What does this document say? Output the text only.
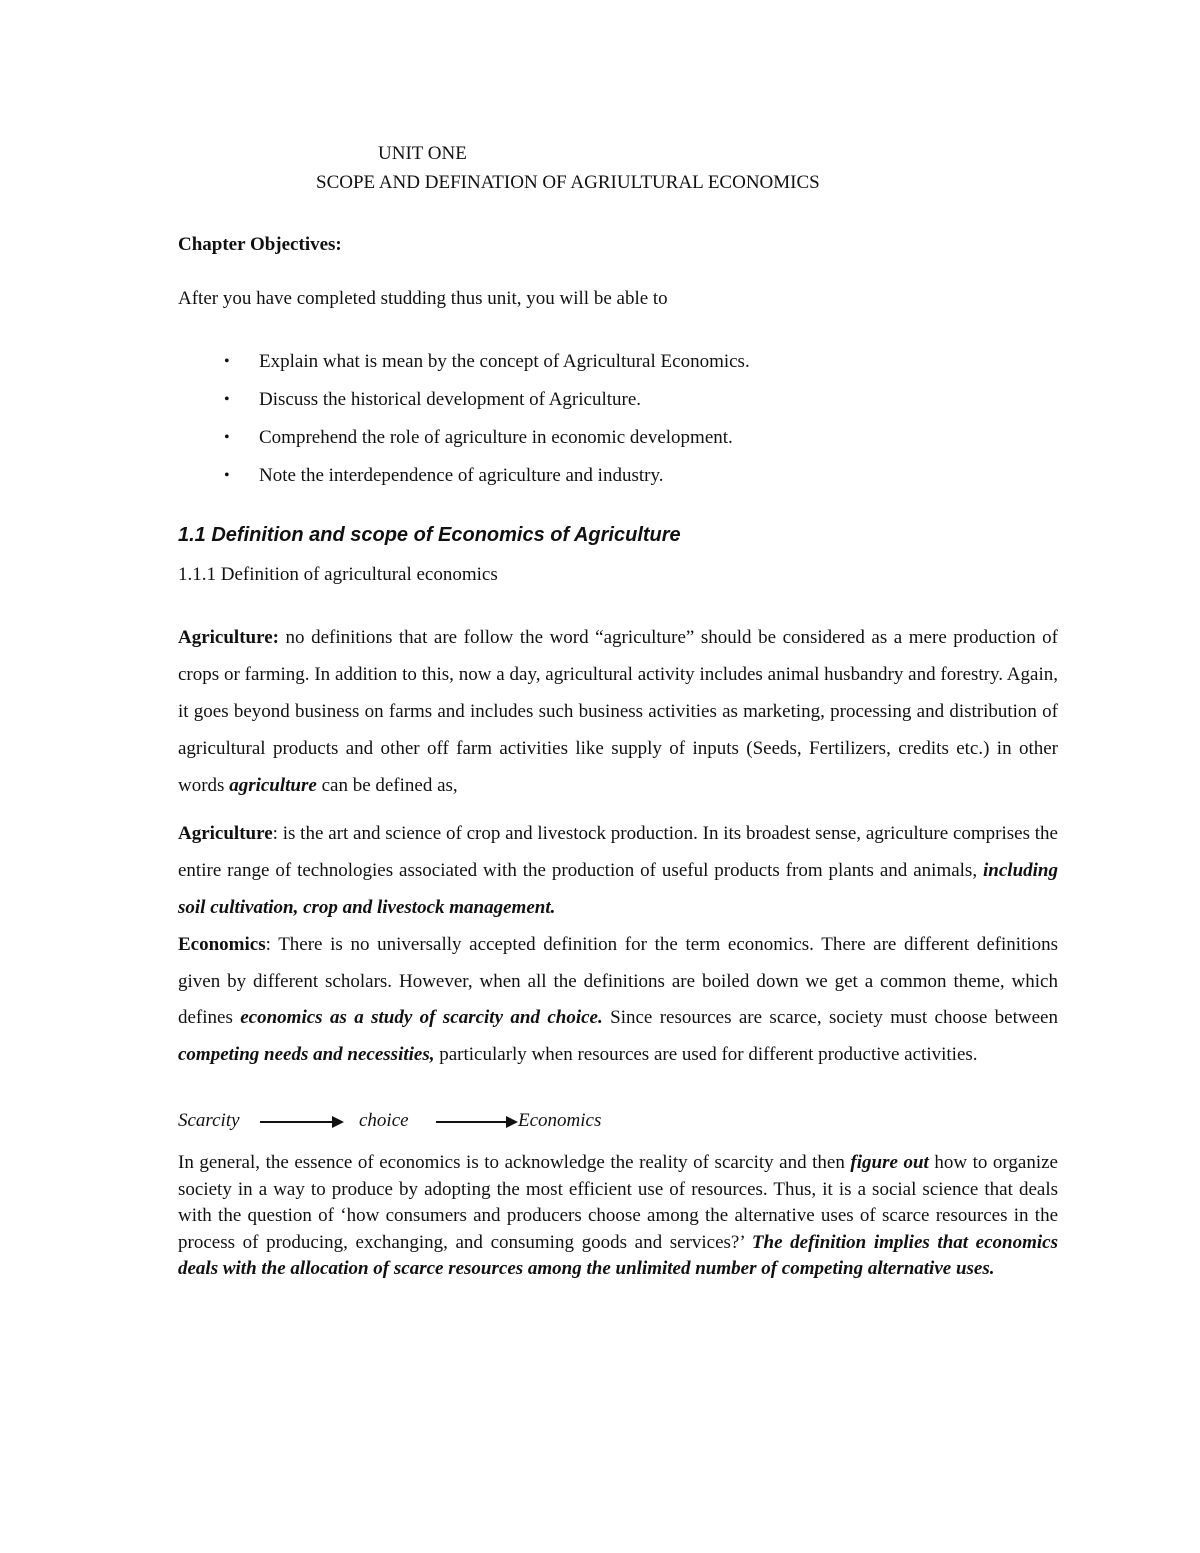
UNIT ONE
SCOPE AND DEFINATION OF AGRIULTURAL ECONOMICS
Chapter Objectives:
After you have completed studding thus unit, you will be able to
• Explain what is mean by the concept of Agricultural Economics.
• Discuss the historical development of Agriculture.
• Comprehend the role of agriculture in economic development.
• Note the interdependence of agriculture and industry.
1.1 Definition and scope of Economics of Agriculture
1.1.1 Definition of agricultural economics
Agriculture: no definitions that are follow the word “agriculture” should be considered as a mere production of crops or farming. In addition to this, now a day, agricultural activity includes animal husbandry and forestry. Again, it goes beyond business on farms and includes such business activities as marketing, processing and distribution of agricultural products and other off farm activities like supply of inputs (Seeds, Fertilizers, credits etc.) in other words agriculture can be defined as,
Agriculture: is the art and science of crop and livestock production. In its broadest sense, agriculture comprises the entire range of technologies associated with the production of useful products from plants and animals, including soil cultivation, crop and livestock management.
Economics: There is no universally accepted definition for the term economics. There are different definitions given by different scholars. However, when all the definitions are boiled down we get a common theme, which defines economics as a study of scarcity and choice. Since resources are scarce, society must choose between competing needs and necessities, particularly when resources are used for different productive activities.
Scarcity	choice	Economics
In general, the essence of economics is to acknowledge the reality of scarcity and then figure out how to organize society in a way to produce by adopting the most efficient use of resources. Thus, it is a social science that deals with the question of ‘how consumers and producers choose among the alternative uses of scarce resources in the process of producing, exchanging, and consuming goods and services?’ The definition implies that economics deals with the allocation of scarce resources among the unlimited number of competing alternative uses.
